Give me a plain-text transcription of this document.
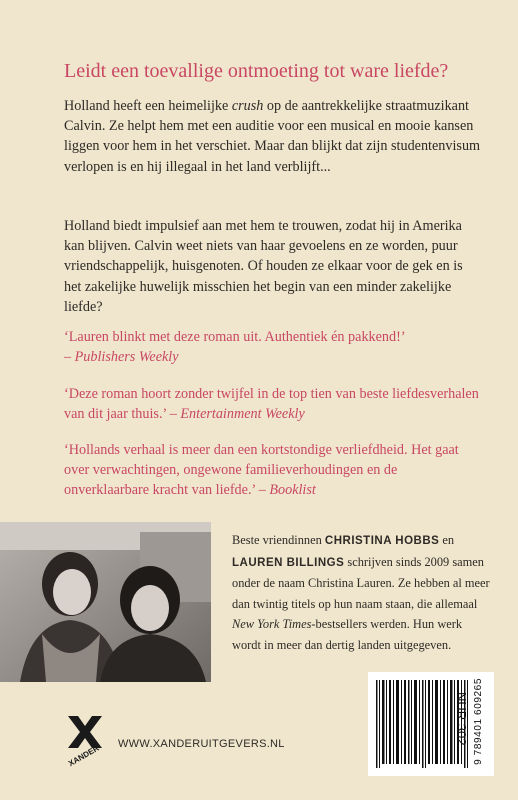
Leidt een toevallige ontmoeting tot ware liefde?
Holland heeft een heimelijke crush op de aantrekkelijke straatmuzikant Calvin. Ze helpt hem met een auditie voor een musical en mooie kansen liggen voor hem in het verschiet. Maar dan blijkt dat zijn studentenvisum verlopen is en hij illegaal in het land verblijft...
Holland biedt impulsief aan met hem te trouwen, zodat hij in Amerika kan blijven. Calvin weet niets van haar gevoelens en ze worden, puur vriendschappelijk, huisgenoten. Of houden ze elkaar voor de gek en is het zakelijke huwelijk misschien het begin van een minder zakelijke liefde?
‘Lauren blinkt met deze roman uit. Authentiek én pakkend!’
– Publishers Weekly
‘Deze roman hoort zonder twijfel in de top tien van beste liefdesverhalen van dit jaar thuis.’ – Entertainment Weekly
‘Hollands verhaal is meer dan een kortstondige verliefdheid. Het gaat over verwachtingen, ongewone familieverhoudingen en de onverklaarbare kracht van liefde.’ – Booklist
Beste vriendinnen CHRISTINA HOBBS en LAUREN BILLINGS schrijven sinds 2009 samen onder de naam Christina Lauren. Ze hebben al meer dan twintig titels op hun naam staan, die allemaal New York Times-bestsellers werden. Hun werk wordt in meer dan dertig landen uitgegeven.
XANDER WWW.XANDERUITGEVERS.NL	NUR 302 9 789401 609265
